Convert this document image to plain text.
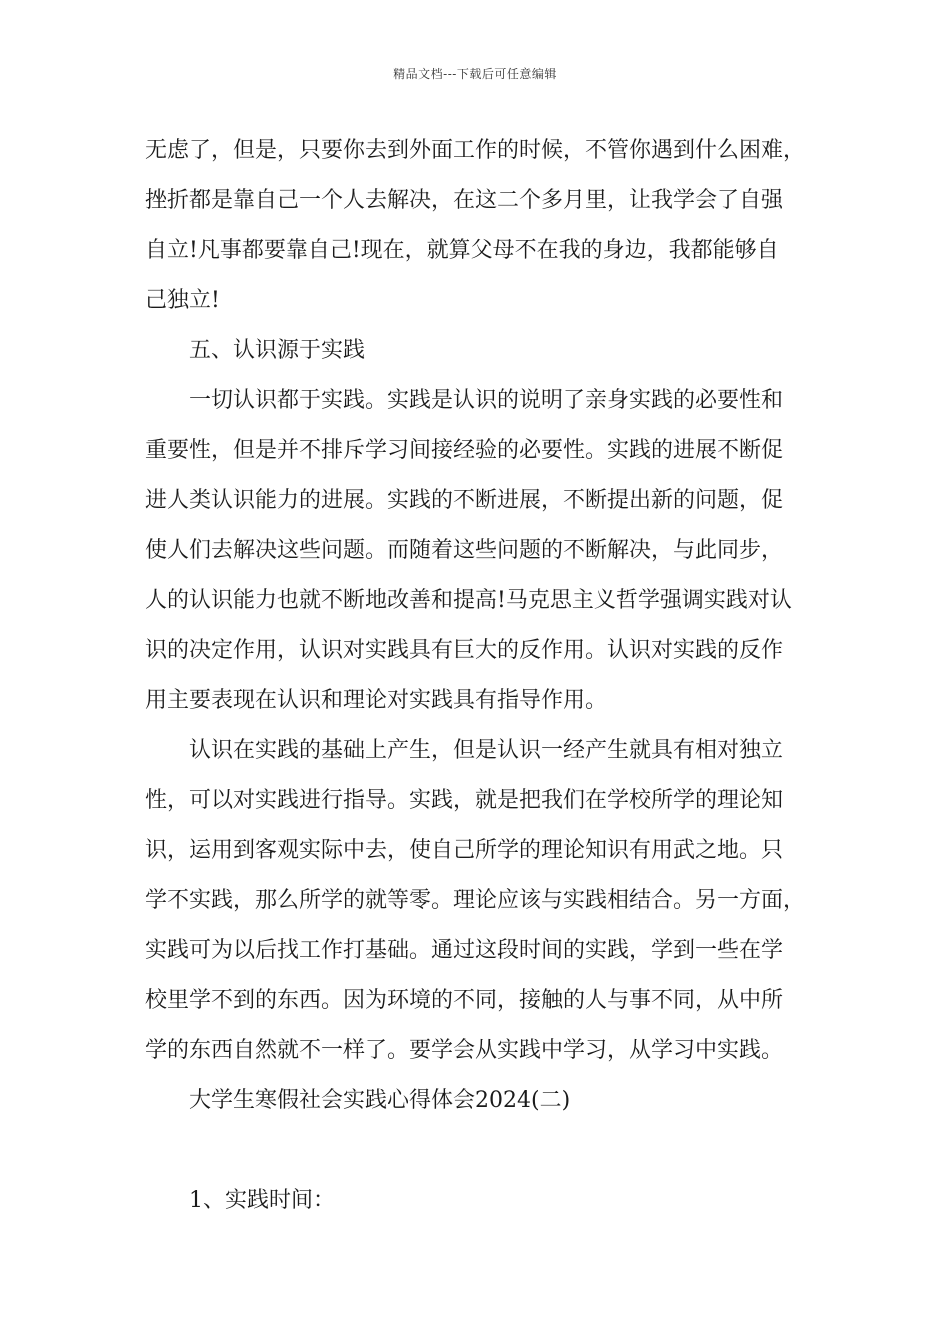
精品文档---下载后可任意编辑
无虑了，但是，只要你去到外面工作的时候，不管你遇到什么困难，
挫折都是靠自己一个人去解决，在这二个多月里，让我学会了自强
自立!凡事都要靠自己!现在，就算父母不在我的身边，我都能够自
己独立!
五、认识源于实践
一切认识都于实践。实践是认识的说明了亲身实践的必要性和
重要性，但是并不排斥学习间接经验的必要性。实践的进展不断促
进人类认识能力的进展。实践的不断进展，不断提出新的问题，促
使人们去解决这些问题。而随着这些问题的不断解决，与此同步，
人的认识能力也就不断地改善和提高!马克思主义哲学强调实践对认
识的决定作用，认识对实践具有巨大的反作用。认识对实践的反作
用主要表现在认识和理论对实践具有指导作用。
认识在实践的基础上产生，但是认识一经产生就具有相对独立
性，可以对实践进行指导。实践，就是把我们在学校所学的理论知
识，运用到客观实际中去，使自己所学的理论知识有用武之地。只
学不实践，那么所学的就等零。理论应该与实践相结合。另一方面，
实践可为以后找工作打基础。通过这段时间的实践，学到一些在学
校里学不到的东西。因为环境的不同，接触的人与事不同，从中所
学的东西自然就不一样了。要学会从实践中学习，从学习中实践。
大学生寒假社会实践心得体会2024(二)
1、实践时间：
